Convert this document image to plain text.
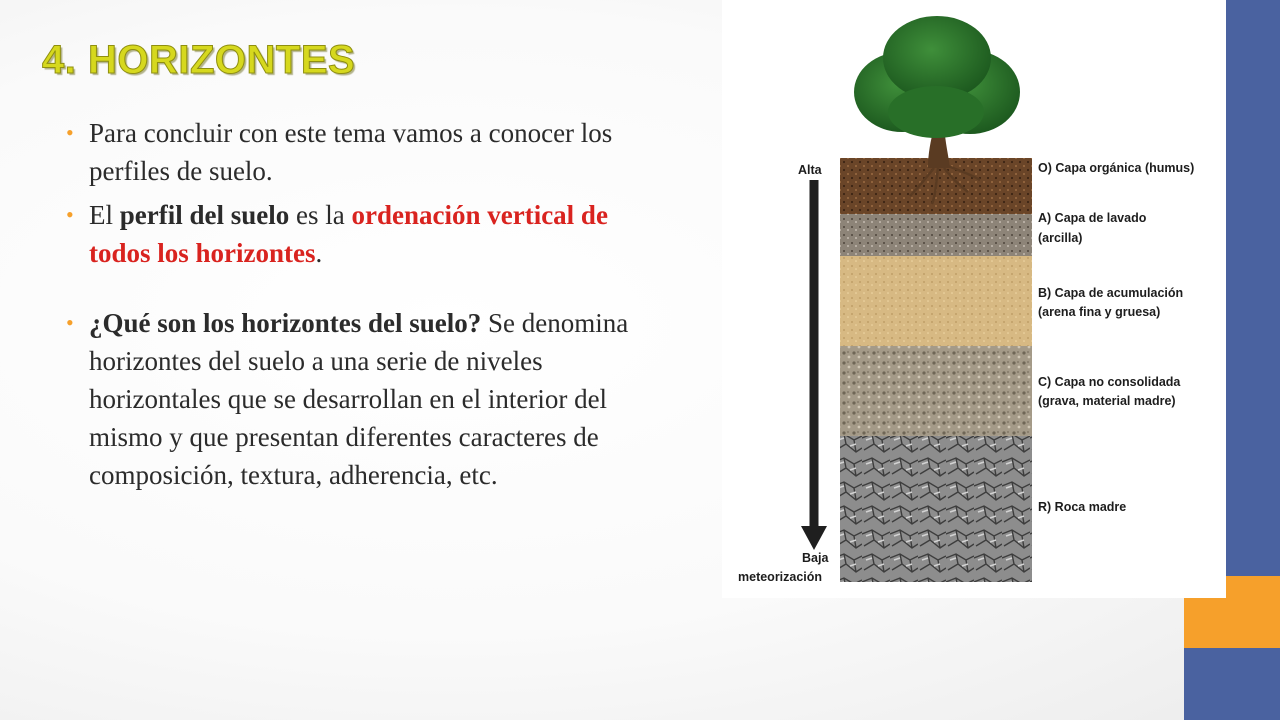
4. HORIZONTES
• Para concluir con este tema vamos a conocer los perfiles de suelo.
• El perfil del suelo es la ordenación vertical de todos los horizontes.
• ¿Qué son los horizontes del suelo? Se denomina horizontes del suelo a una serie de niveles horizontales que se desarrollan en el interior del mismo y que presentan diferentes caracteres de composición, textura, adherencia, etc.
Alta
Baja
meteorización
O) Capa orgánica (humus)
A) Capa de lavado
(arcilla)
B) Capa de acumulación
(arena fina y gruesa)
C) Capa no consolidada
(grava, material madre)
R) Roca madre
